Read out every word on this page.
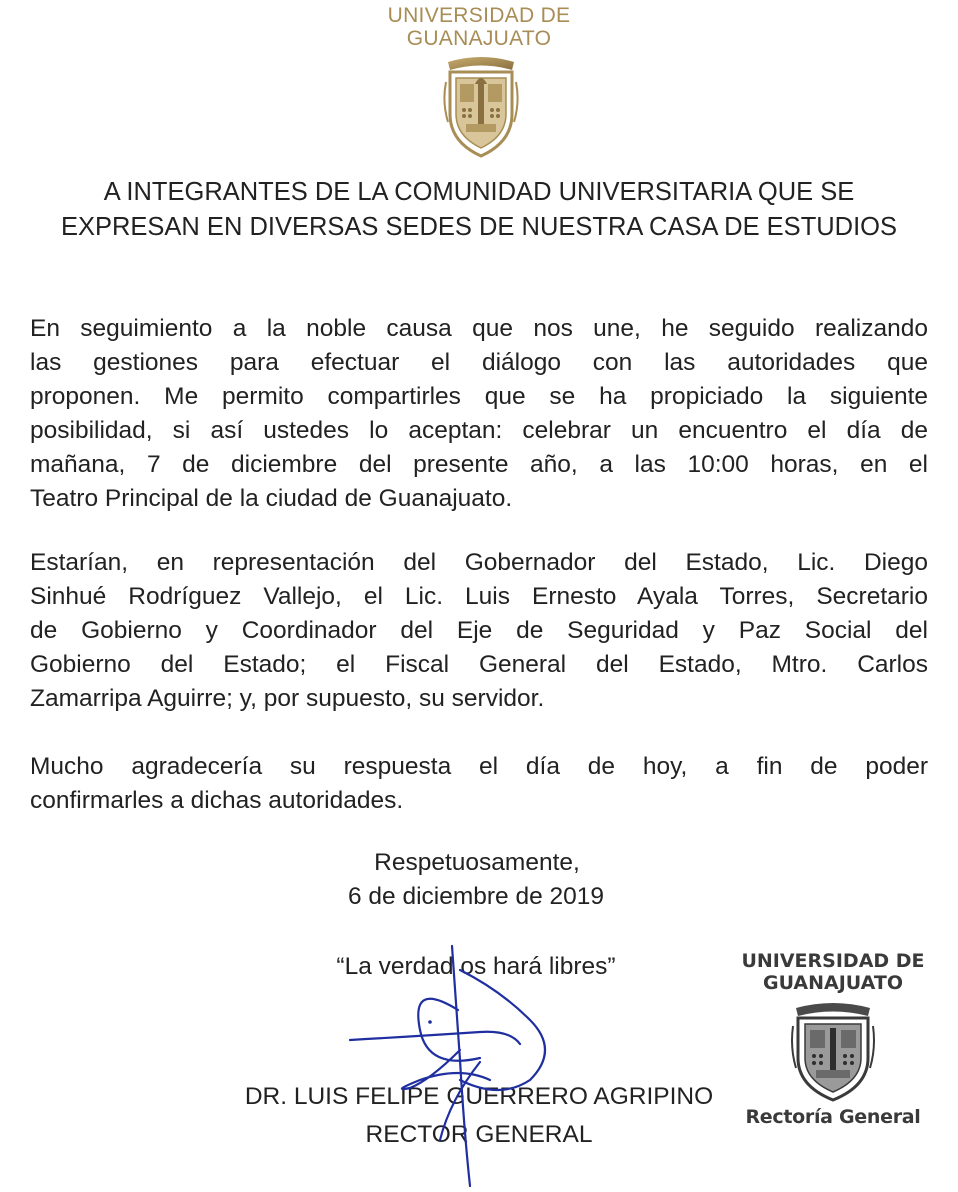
UNIVERSIDAD DE
GUANAJUATO
A INTEGRANTES DE LA COMUNIDAD UNIVERSITARIA QUE SE
EXPRESAN EN DIVERSAS SEDES DE NUESTRA CASA DE ESTUDIOS
En seguimiento a la noble causa que nos une, he seguido realizando
las gestiones para efectuar el diálogo con las autoridades que
proponen. Me permito compartirles que se ha propiciado la siguiente
posibilidad, si así ustedes lo aceptan: celebrar un encuentro el día de
mañana, 7 de diciembre del presente año, a las 10:00 horas, en el
Teatro Principal de la ciudad de Guanajuato.
Estarían, en representación del Gobernador del Estado, Lic. Diego
Sinhué Rodríguez Vallejo, el Lic. Luis Ernesto Ayala Torres, Secretario
de Gobierno y Coordinador del Eje de Seguridad y Paz Social del
Gobierno del Estado; el Fiscal General del Estado, Mtro. Carlos
Zamarripa Aguirre; y, por supuesto, su servidor.
Mucho agradecería su respuesta el día de hoy, a fin de poder
confirmarles a dichas autoridades.
Respetuosamente,
6 de diciembre de 2019
“La verdad os hará libres”
DR. LUIS FELIPE GUERRERO AGRIPINO
RECTOR GENERAL
UNIVERSIDAD DE
GUANAJUATO
Rectoría General
